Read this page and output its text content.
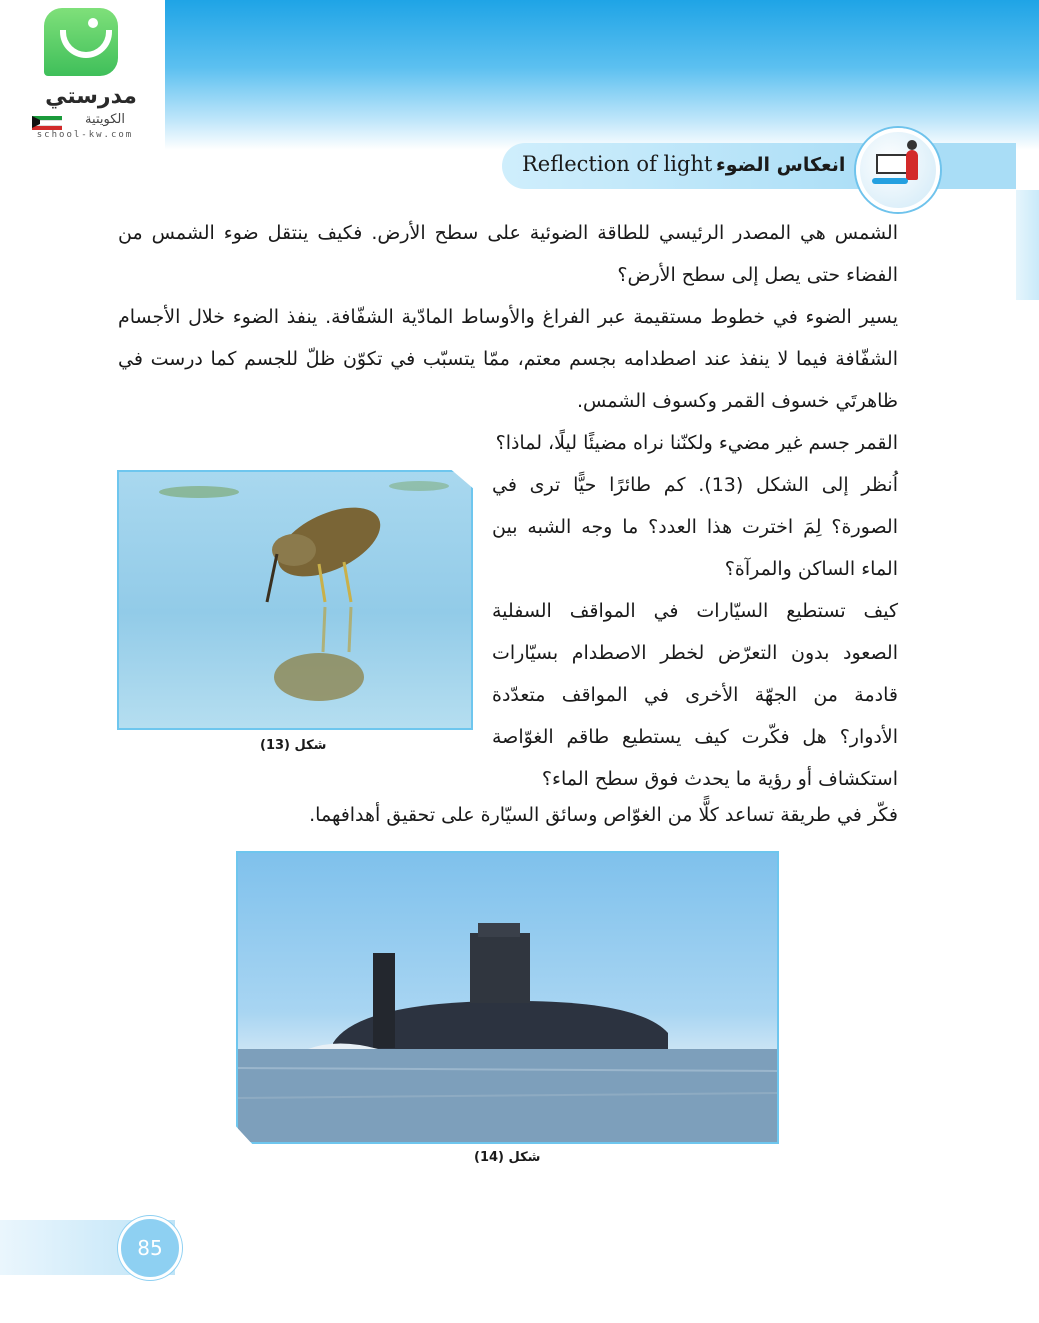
مدرستي
الكويتية
school-kw.com
Reflection of light انعكاس الضوء
الشمس هي المصدر الرئيسي للطاقة الضوئية على سطح الأرض. فكيف ينتقل ضوء الشمس من الفضاء حتى يصل إلى سطح الأرض؟
يسير الضوء في خطوط مستقيمة عبر الفراغ والأوساط المادّية الشفّافة. ينفذ الضوء خلال الأجسام الشفّافة فيما لا ينفذ عند اصطدامه بجسم معتم، ممّا يتسبّب في تكوّن ظلّ للجسم كما درست في ظاهرتَي خسوف القمر وكسوف الشمس.
القمر جسم غير مضيء ولكنّنا نراه مضيئًا ليلًا، لماذا؟
اُنظر إلى الشكل (13). كم طائرًا حيًّا ترى في الصورة؟ لِمَ اخترت هذا العدد؟ ما وجه الشبه بين الماء الساكن والمرآة؟
كيف تستطيع السيّارات في المواقف السفلية الصعود بدون التعرّض لخطر الاصطدام بسيّارات قادمة من الجهّة الأخرى في المواقف متعدّدة الأدوار؟ هل فكّرت كيف يستطيع طاقم الغوّاصة استكشاف أو رؤية ما يحدث فوق سطح الماء؟
فكّر في طريقة تساعد كلًّا من الغوّاص وسائق السيّارة على تحقيق أهدافهما.
شكل (13)
شكل (14)
85
